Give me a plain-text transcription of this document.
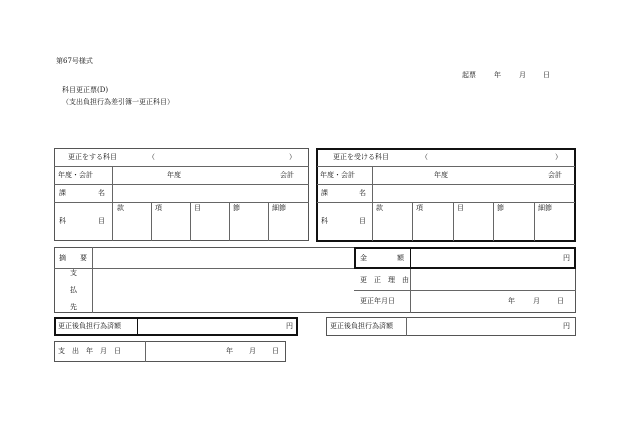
第67号様式
起票	年	月 日
科目更正票(D)
（支出負担行為差引簿一更正科目）
更正をする科目	（	）
年度・会計	年度	会計
課	名
科	目
款	項	目	節	細節
更正を受ける科目	（	）
年度・会計	年度	会計
課	名
科	目
款	項	目	節	細節
摘 要
支
払
先
金	額	円
更　正　理　由
更正年月日	年	月 日
更正後負担行為済額	円	更正後負担行為済額	円
支　出　年　月　日	年 月 日
